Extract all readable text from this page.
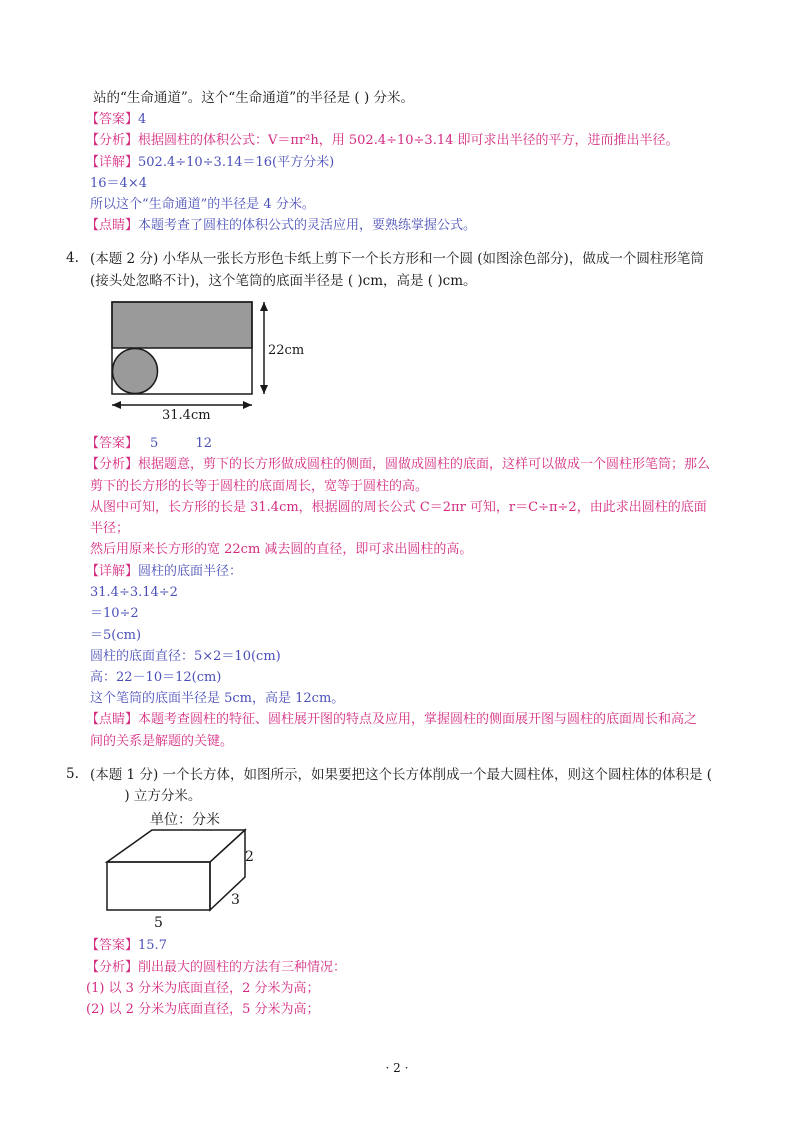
站的“生命通道”。这个“生命通道”的半径是 ( ) 分米。
【答案】4
【分析】根据圆柱的体积公式：V＝πr²h，用 502.4÷10÷3.14 即可求出半径的平方，进而推出半径。
【详解】502.4÷10÷3.14＝16(平方分米)
16＝4×4
所以这个“生命通道”的半径是 4 分米。
【点睛】本题考查了圆柱的体积公式的灵活应用，要熟练掌握公式。
4. (本题 2 分) 小华从一张长方形色卡纸上剪下一个长方形和一个圆 (如图涂色部分)，做成一个圆柱形笔筒
(接头处忽略不计)，这个笔筒的底面半径是 ( )cm，高是 ( )cm。
22cm
31.4cm
【答案】 5         12
【分析】根据题意，剪下的长方形做成圆柱的侧面，圆做成圆柱的底面，这样可以做成一个圆柱形笔筒；那么
剪下的长方形的长等于圆柱的底面周长，宽等于圆柱的高。
从图中可知，长方形的长是 31.4cm，根据圆的周长公式 C＝2πr 可知，r＝C÷π÷2，由此求出圆柱的底面
半径；
然后用原来长方形的宽 22cm 减去圆的直径，即可求出圆柱的高。
【详解】圆柱的底面半径：
31.4÷3.14÷2
＝10÷2
＝5(cm)
圆柱的底面直径：5×2＝10(cm)
高：22－10＝12(cm)
这个笔筒的底面半径是 5cm，高是 12cm。
【点睛】本题考查圆柱的特征、圆柱展开图的特点及应用，掌握圆柱的侧面展开图与圆柱的底面周长和高之
间的关系是解题的关键。
5. (本题 1 分) 一个长方体，如图所示，如果要把这个长方体削成一个最大圆柱体，则这个圆柱体的体积是 (
) 立方分米。
单位：分米
2
3
5
【答案】15.7
【分析】削出最大的圆柱的方法有三种情况：
(1) 以 3 分米为底面直径，2 分米为高；
(2) 以 2 分米为底面直径，5 分米为高；
· 2 ·
